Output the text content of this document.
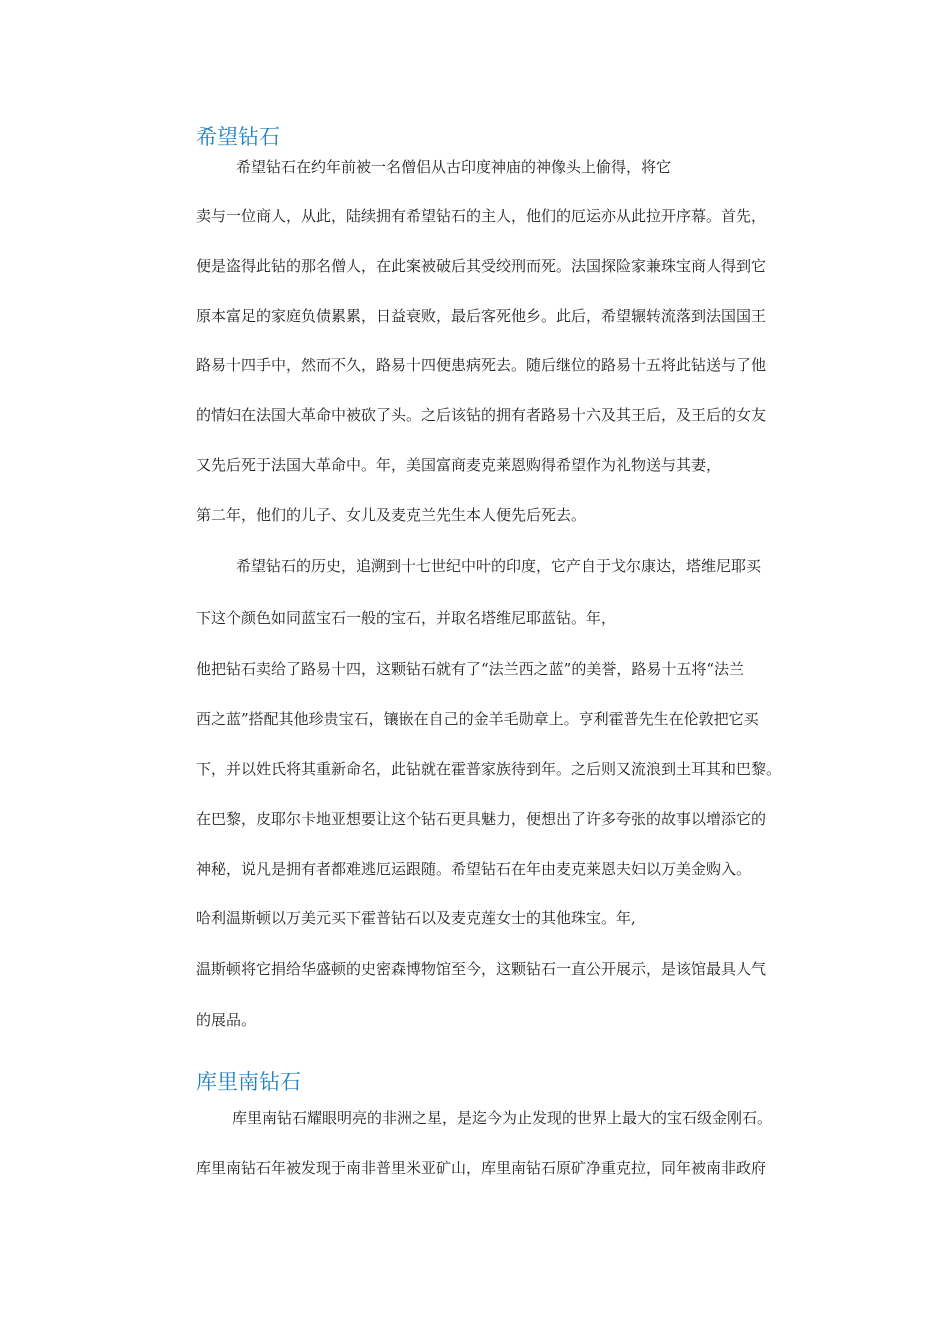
希望钻石
希望钻石在约年前被一名僧侣从古印度神庙的神像头上偷得，将它
卖与一位商人，从此，陆续拥有希望钻石的主人，他们的厄运亦从此拉开序幕。首先，
便是盗得此钻的那名僧人，在此案被破后其受绞刑而死。法国探险家兼珠宝商人得到它
原本富足的家庭负债累累，日益衰败，最后客死他乡。此后，希望辗转流落到法国国王
路易十四手中，然而不久，路易十四便患病死去。随后继位的路易十五将此钻送与了他
的情妇在法国大革命中被砍了头。之后该钻的拥有者路易十六及其王后，及王后的女友
又先后死于法国大革命中。年，美国富商麦克莱恩购得希望作为礼物送与其妻，
第二年，他们的儿子、女儿及麦克兰先生本人便先后死去。
希望钻石的历史，追溯到十七世纪中叶的印度，它产自于戈尔康达，塔维尼耶买
下这个颜色如同蓝宝石一般的宝石，并取名塔维尼耶蓝钻。年，
他把钻石卖给了路易十四，这颗钻石就有了“法兰西之蓝”的美誉，路易十五将“法兰
西之蓝”搭配其他珍贵宝石，镶嵌在自己的金羊毛勋章上。亨利霍普先生在伦敦把它买
下，并以姓氏将其重新命名，此钻就在霍普家族待到年。之后则又流浪到土耳其和巴黎。
在巴黎，皮耶尔卡地亚想要让这个钻石更具魅力，便想出了许多夸张的故事以增添它的
神秘，说凡是拥有者都难逃厄运跟随。希望钻石在年由麦克莱恩夫妇以万美金购入。
哈利温斯顿以万美元买下霍普钻石以及麦克莲女士的其他珠宝。年,
温斯顿将它捐给华盛顿的史密森博物馆至今，这颗钻石一直公开展示，是该馆最具人气
的展品。
库里南钻石
库里南钻石耀眼明亮的非洲之星，是迄今为止发现的世界上最大的宝石级金刚石。
库里南钻石年被发现于南非普里米亚矿山，库里南钻石原矿净重克拉，同年被南非政府
